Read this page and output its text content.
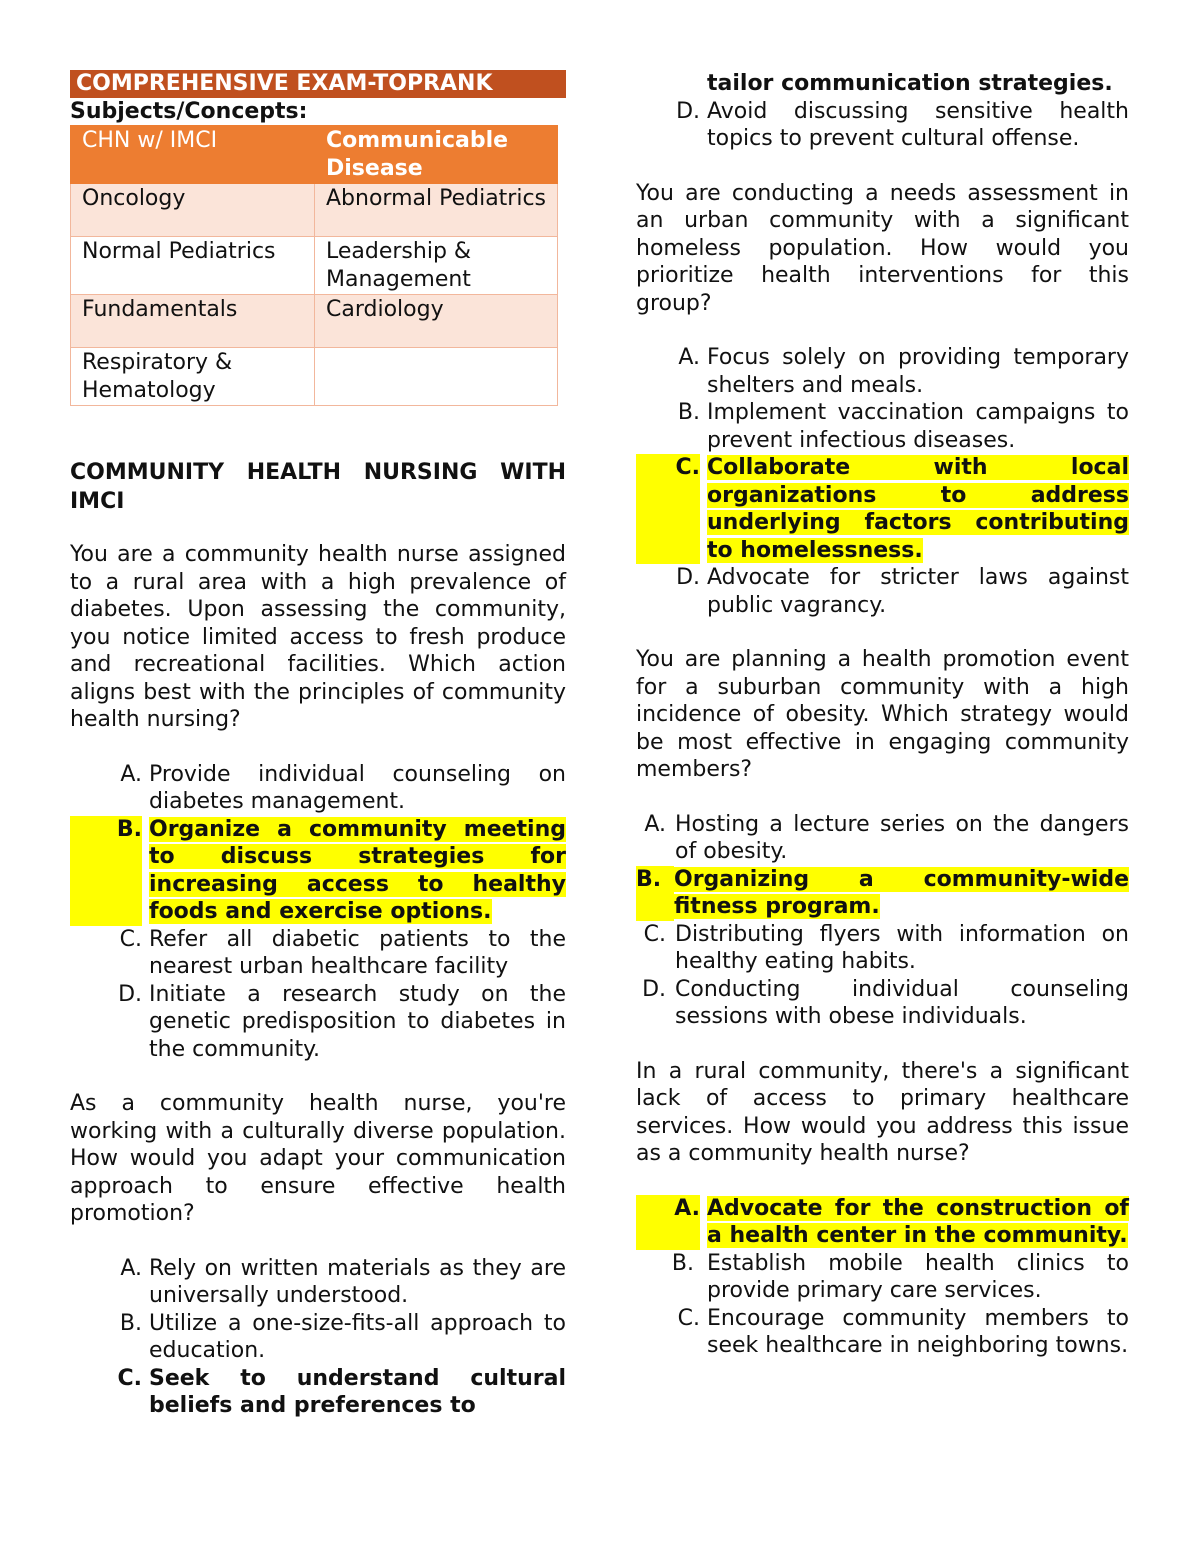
COMPREHENSIVE EXAM-TOPRANK

Subjects/Concepts:

CHN w/ IMCI	Communicable Disease
Oncology	Abnormal Pediatrics
Normal Pediatrics	Leadership & Management
Fundamentals	Cardiology
Respiratory & Hematology	
COMMUNITY HEALTH NURSING WITH IMCI

You are a community health nurse assigned to a rural area with a high prevalence of diabetes. Upon assessing the community, you notice limited access to fresh produce and recreational facilities. Which action aligns best with the principles of community health nursing?

A. Provide individual counseling on diabetes management.
B. Organize a community meeting to discuss strategies for increasing access to healthy foods and exercise options.
C. Refer all diabetic patients to the nearest urban healthcare facility
D. Initiate a research study on the genetic predisposition to diabetes in the community.

As a community health nurse, you're working with a culturally diverse population. How would you adapt your communication approach to ensure effective health promotion?

A. Rely on written materials as they are universally understood.
B. Utilize a one-size-fits-all approach to education.
C. Seek to understand cultural beliefs and preferences to
tailor communication strategies.
D. Avoid discussing sensitive health topics to prevent cultural offense.

You are conducting a needs assessment in an urban community with a significant homeless population. How would you prioritize health interventions for this group?

A. Focus solely on providing temporary shelters and meals.
B. Implement vaccination campaigns to prevent infectious diseases.
C. Collaborate with local organizations to address underlying factors contributing to homelessness.
D. Advocate for stricter laws against public vagrancy.

You are planning a health promotion event for a suburban community with a high incidence of obesity. Which strategy would be most effective in engaging community members?

A. Hosting a lecture series on the dangers of obesity.
B. Organizing a community-wide fitness program.
C. Distributing flyers with information on healthy eating habits.
D. Conducting individual counseling sessions with obese individuals.

In a rural community, there's a significant lack of access to primary healthcare services. How would you address this issue as a community health nurse?

A. Advocate for the construction of a health center in the community.
B. Establish mobile health clinics to provide primary care services.
C. Encourage community members to seek healthcare in neighboring towns.
